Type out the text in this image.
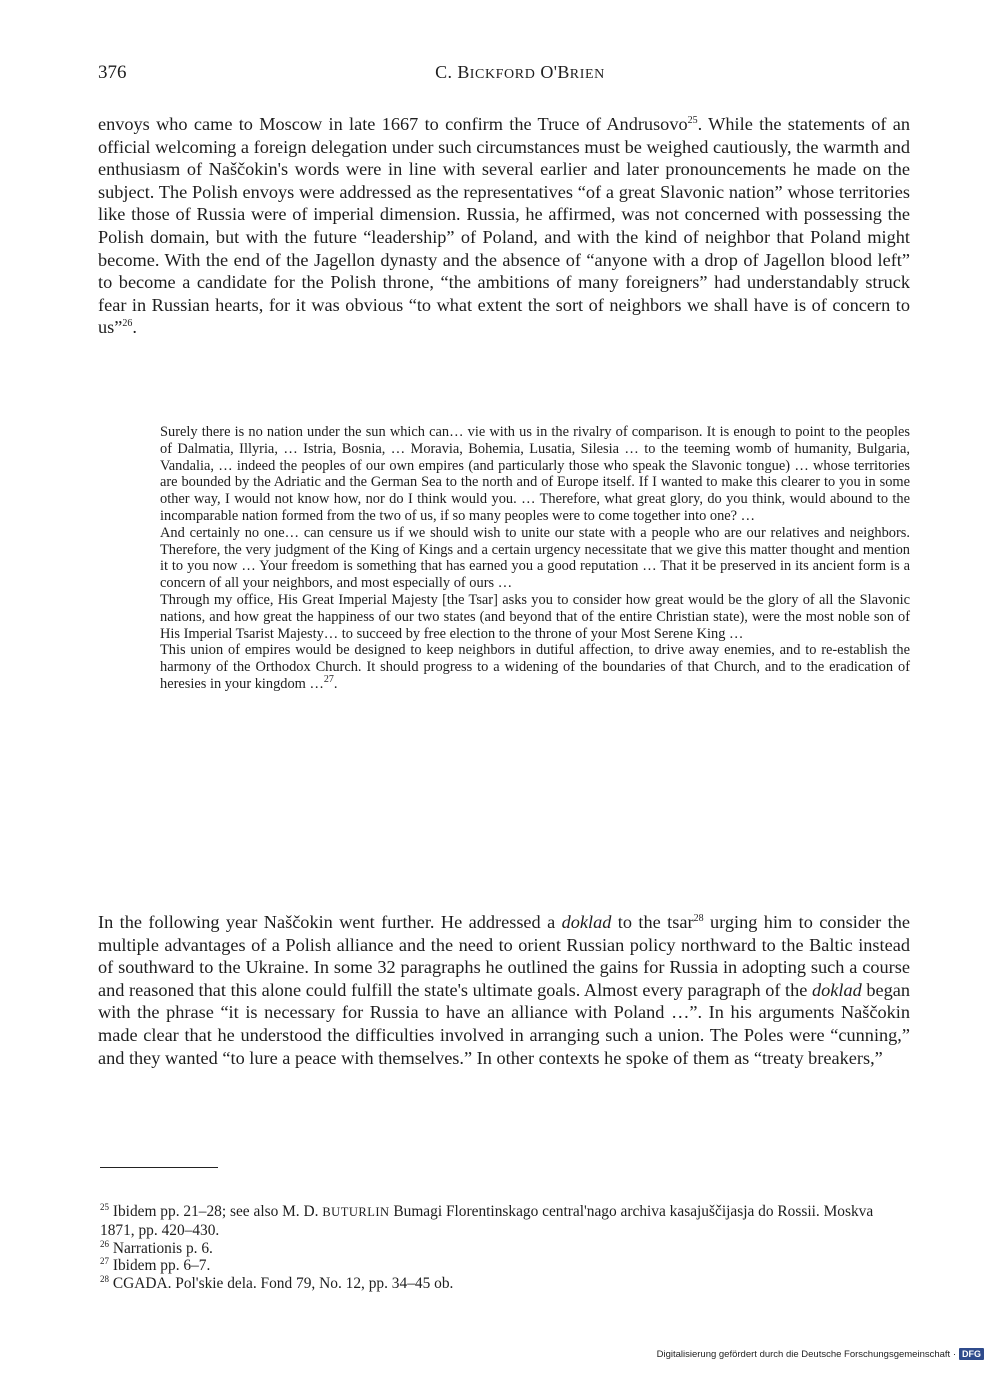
376	C. BICKFORD O'BRIEN

envoys who came to Moscow in late 1667 to confirm the Truce of Andrusovo$^{25}$. While the statements of an official welcoming a foreign delegation under such circumstances must be weighed cautiously, the warmth and enthusiasm of Naščokin's words were in line with several earlier and later pronouncements he made on the subject. The Polish envoys were addressed as the representatives “of a great Slavonic nation” whose territories like those of Russia were of imperial dimension. Russia, he affirmed, was not concerned with possessing the Polish domain, but with the future “leadership” of Poland, and with the kind of neighbor that Poland might become. With the end of the Jagellon dynasty and the absence of “anyone with a drop of Jagellon blood left” to become a candidate for the Polish throne, “the ambitions of many foreigners” had understandably struck fear in Russian hearts, for it was obvious “to what extent the sort of neighbors we shall have is of concern to us”$^{26}$.

Surely there is no nation under the sun which can… vie with us in the rivalry of comparison. It is enough to point to the peoples of Dalmatia, Illyria, … Istria, Bosnia, … Moravia, Bohemia, Lusatia, Silesia … to the teeming womb of humanity, Bulgaria, Vandalia, … indeed the peoples of our own empires (and particularly those who speak the Slavonic tongue) … whose territories are bounded by the Adriatic and the German Sea to the north and of Europe itself. If I wanted to make this clearer to you in some other way, I would not know how, nor do I think would you. … Therefore, what great glory, do you think, would abound to the incomparable nation formed from the two of us, if so many peoples were to come together into one? …

And certainly no one… can censure us if we should wish to unite our state with a people who are our relatives and neighbors. Therefore, the very judgment of the King of Kings and a certain urgency necessitate that we give this matter thought and mention it to you now … Your freedom is something that has earned you a good reputation … That it be preserved in its ancient form is a concern of all your neighbors, and most especially of ours …

Through my office, His Great Imperial Majesty [the Tsar] asks you to consider how great would be the glory of all the Slavonic nations, and how great the happiness of our two states (and beyond that of the entire Christian state), were the most noble son of His Imperial Tsarist Majesty… to succeed by free election to the throne of your Most Serene King …

This union of empires would be designed to keep neighbors in dutiful affection, to drive away enemies, and to re-establish the harmony of the Orthodox Church. It should progress to a widening of the boundaries of that Church, and to the eradication of heresies in your kingdom …$^{27}$.

In the following year Naščokin went further. He addressed a doklad to the tsar$^{28}$ urging him to consider the multiple advantages of a Polish alliance and the need to orient Russian policy northward to the Baltic instead of southward to the Ukraine. In some 32 paragraphs he outlined the gains for Russia in adopting such a course and reasoned that this alone could fulfill the state's ultimate goals. Almost every paragraph of the doklad began with the phrase “it is necessary for Russia to have an alliance with Poland …”. In his arguments Naščokin made clear that he understood the difficulties involved in arranging such a union. The Poles were “cunning,” and they wanted “to lure a peace with themselves.” In other contexts he spoke of them as “treaty breakers,”

$^{25}$ Ibidem pp. 21–28; see also M. D. BUTURLIN Bumagi Florentinskago central'nago archiva kasajuščijasja do Rossii. Moskva 1871, pp. 420–430.

$^{26}$ Narrationis p. 6.

$^{27}$ Ibidem pp. 6–7.

$^{28}$ CGADA. Pol'skie dela. Fond 79, No. 12, pp. 34–45 ob.

Digitalisierung gefördert durch die Deutsche Forschungsgemeinschaft · DFG
